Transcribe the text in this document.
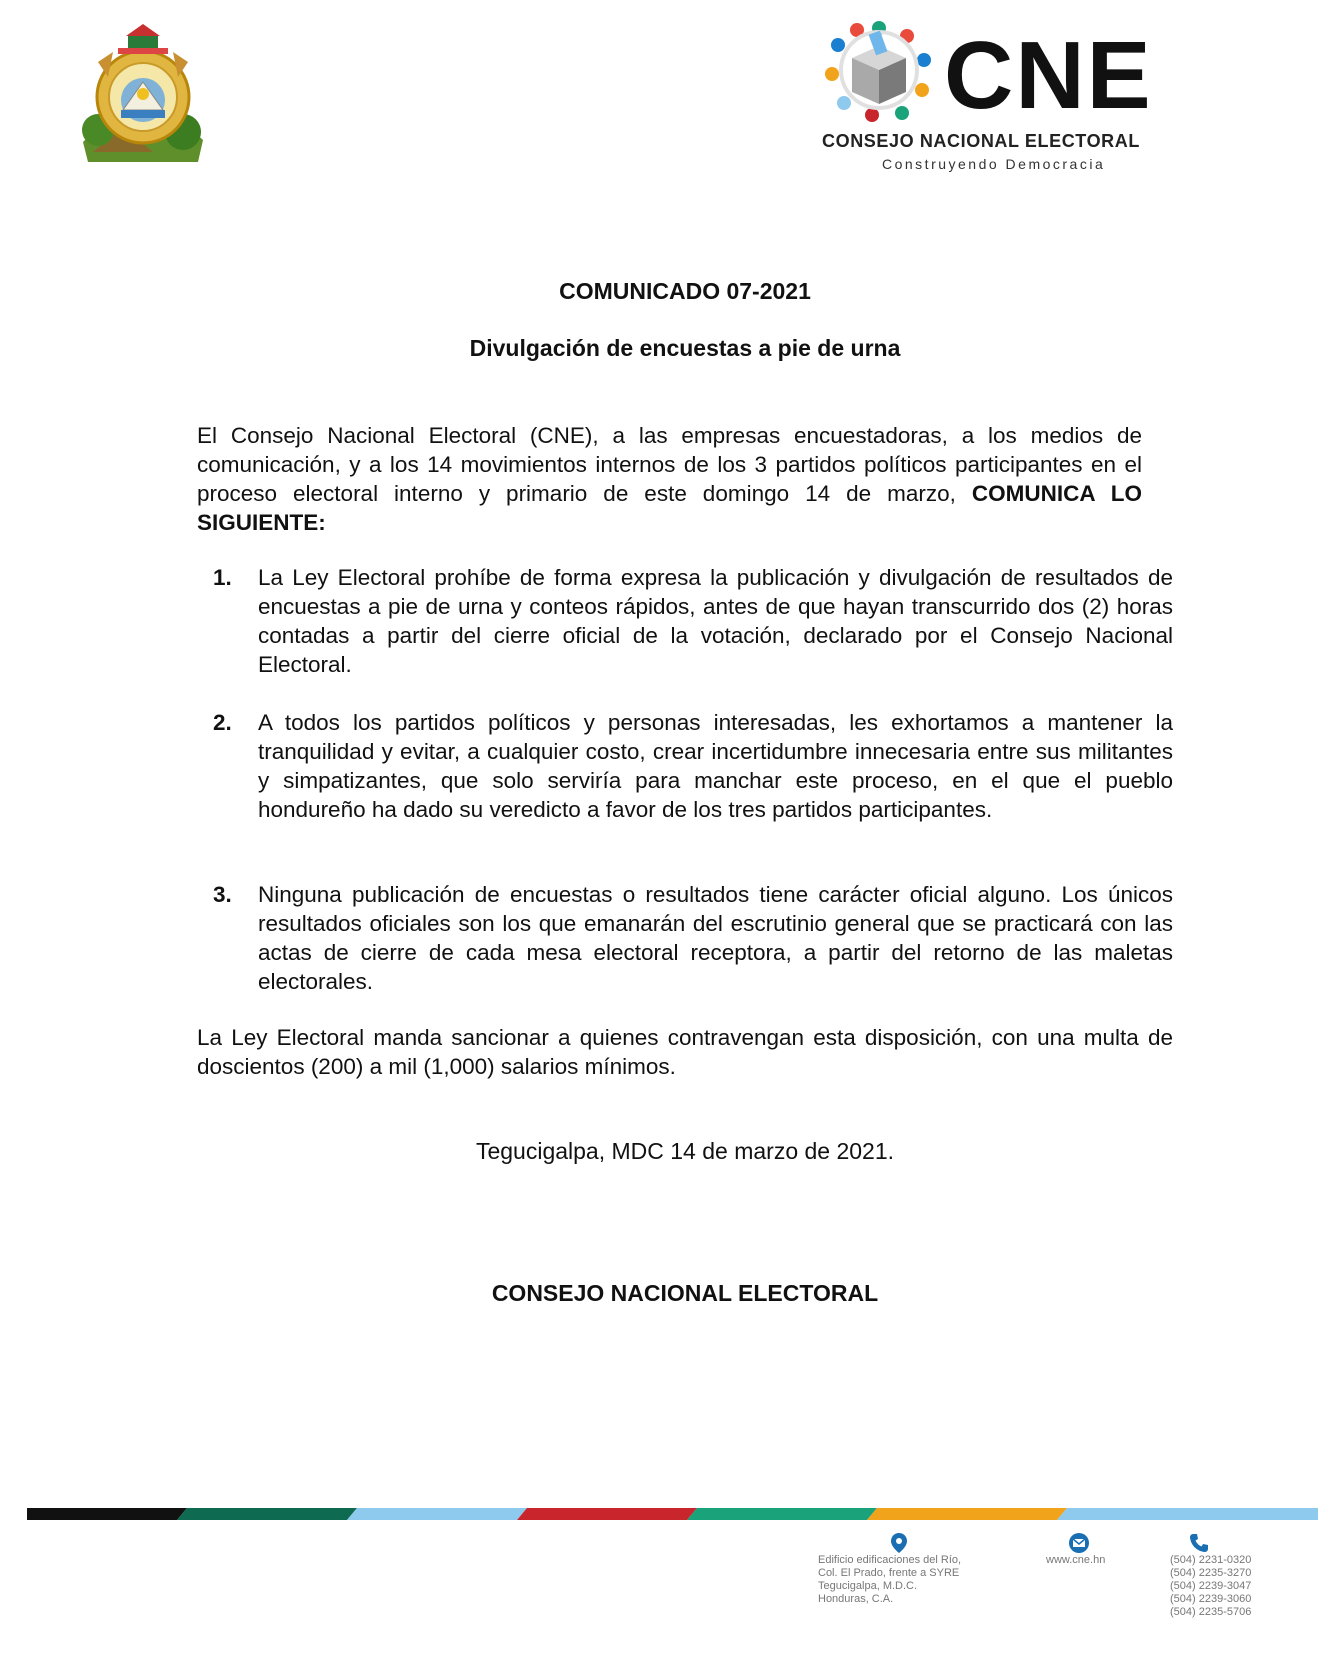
CNE
CONSEJO NACIONAL ELECTORAL
Construyendo Democracia
COMUNICADO 07-2021
Divulgación de encuestas a pie de urna
El Consejo Nacional Electoral (CNE), a las empresas encuestadoras, a los medios de comunicación, y a los 14 movimientos internos de los 3 partidos políticos participantes en el proceso electoral interno y primario de este domingo 14 de marzo, COMUNICA LO SIGUIENTE:
1. La Ley Electoral prohíbe de forma expresa la publicación y divulgación de resultados de encuestas a pie de urna y conteos rápidos, antes de que hayan transcurrido dos (2) horas contadas a partir del cierre oficial de la votación, declarado por el Consejo Nacional Electoral.
2. A todos los partidos políticos y personas interesadas, les exhortamos a mantener la tranquilidad y evitar, a cualquier costo, crear incertidumbre innecesaria entre sus militantes y simpatizantes, que solo serviría para manchar este proceso, en el que el pueblo hondureño ha dado su veredicto a favor de los tres partidos participantes.
3. Ninguna publicación de encuestas o resultados tiene carácter oficial alguno. Los únicos resultados oficiales son los que emanarán del escrutinio general que se practicará con las actas de cierre de cada mesa electoral receptora, a partir del retorno de las maletas electorales.
La Ley Electoral manda sancionar a quienes contravengan esta disposición, con una multa de doscientos (200) a mil (1,000) salarios mínimos.
Tegucigalpa, MDC 14 de marzo de 2021.
CONSEJO NACIONAL ELECTORAL
Edificio edificaciones del Río,
Col. El Prado, frente a SYRE
Tegucigalpa, M.D.C.
Honduras, C.A.
www.cne.hn	(504) 2231-0320
(504) 2235-3270
(504) 2239-3047
(504) 2239-3060
(504) 2235-5706
